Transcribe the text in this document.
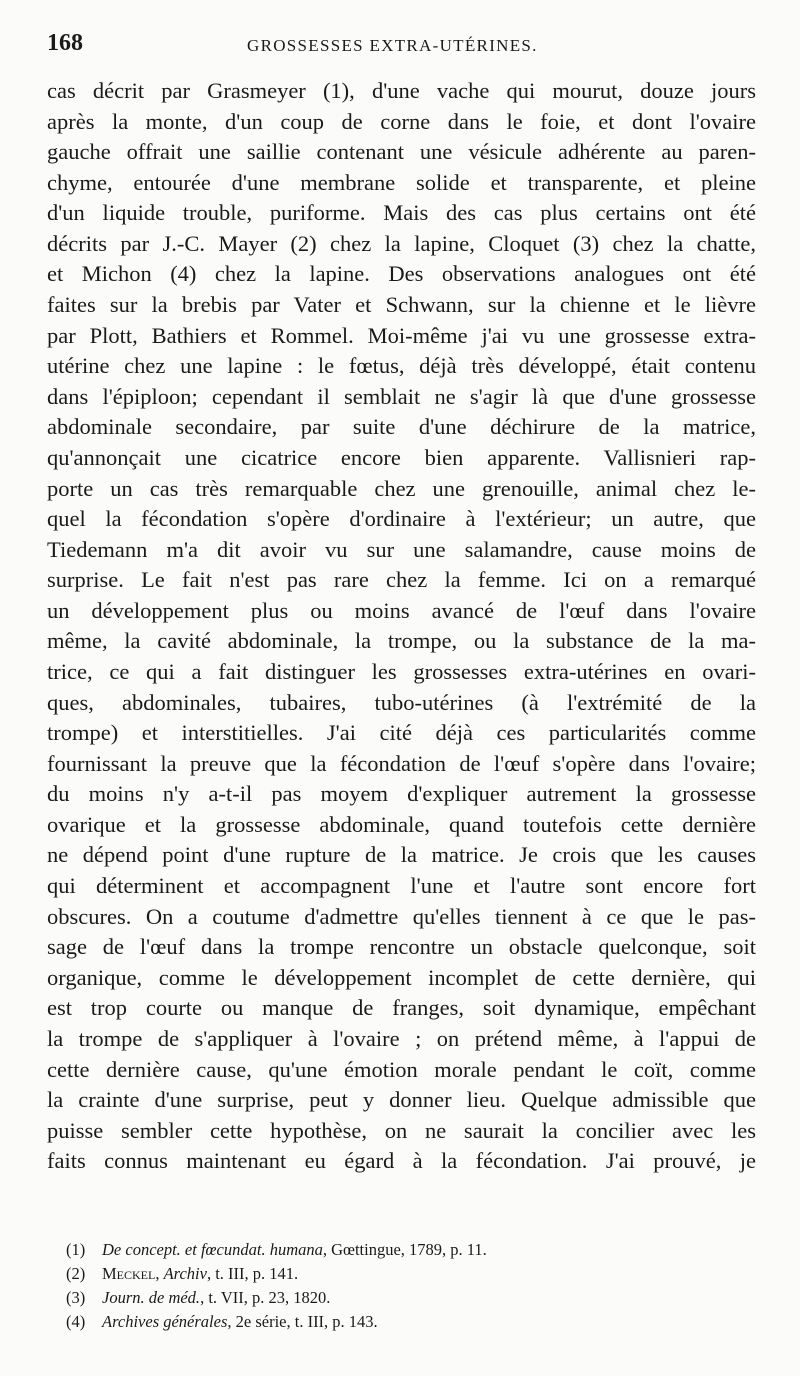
168	GROSSESSES EXTRA-UTÉRINES.
cas décrit par Grasmeyer (1), d'une vache qui mourut, douze jours
après la monte, d'un coup de corne dans le foie, et dont l'ovaire
gauche offrait une saillie contenant une vésicule adhérente au paren-
chyme, entourée d'une membrane solide et transparente, et pleine
d'un liquide trouble, puriforme. Mais des cas plus certains ont été
décrits par J.-C. Mayer (2) chez la lapine, Cloquet (3) chez la chatte,
et Michon (4) chez la lapine. Des observations analogues ont été
faites sur la brebis par Vater et Schwann, sur la chienne et le lièvre
par Plott, Bathiers et Rommel. Moi-même j'ai vu une grossesse extra-
utérine chez une lapine : le fœtus, déjà très développé, était contenu
dans l'épiploon; cependant il semblait ne s'agir là que d'une grossesse
abdominale secondaire, par suite d'une déchirure de la matrice,
qu'annonçait une cicatrice encore bien apparente. Vallisnieri rap-
porte un cas très remarquable chez une grenouille, animal chez le-
quel la fécondation s'opère d'ordinaire à l'extérieur; un autre, que
Tiedemann m'a dit avoir vu sur une salamandre, cause moins de
surprise. Le fait n'est pas rare chez la femme. Ici on a remarqué
un développement plus ou moins avancé de l'œuf dans l'ovaire
même, la cavité abdominale, la trompe, ou la substance de la ma-
trice, ce qui a fait distinguer les grossesses extra-utérines en ovari-
ques, abdominales, tubaires, tubo-utérines (à l'extrémité de la
trompe) et interstitielles. J'ai cité déjà ces particularités comme
fournissant la preuve que la fécondation de l'œuf s'opère dans l'ovaire;
du moins n'y a-t-il pas moyem d'expliquer autrement la grossesse
ovarique et la grossesse abdominale, quand toutefois cette dernière
ne dépend point d'une rupture de la matrice. Je crois que les causes
qui déterminent et accompagnent l'une et l'autre sont encore fort
obscures. On a coutume d'admettre qu'elles tiennent à ce que le pas-
sage de l'œuf dans la trompe rencontre un obstacle quelconque, soit
organique, comme le développement incomplet de cette dernière, qui
est trop courte ou manque de franges, soit dynamique, empêchant
la trompe de s'appliquer à l'ovaire ; on prétend même, à l'appui de
cette dernière cause, qu'une émotion morale pendant le coït, comme
la crainte d'une surprise, peut y donner lieu. Quelque admissible que
puisse sembler cette hypothèse, on ne saurait la concilier avec les
faits connus maintenant eu égard à la fécondation. J'ai prouvé, je
(1) De concept. et fœcundat. humana, Gœttingue, 1789, p. 11.
(2) Meckel, Archiv, t. III, p. 141.
(3) Journ. de méd., t. VII, p. 23, 1820.
(4) Archives générales, 2e série, t. III, p. 143.
